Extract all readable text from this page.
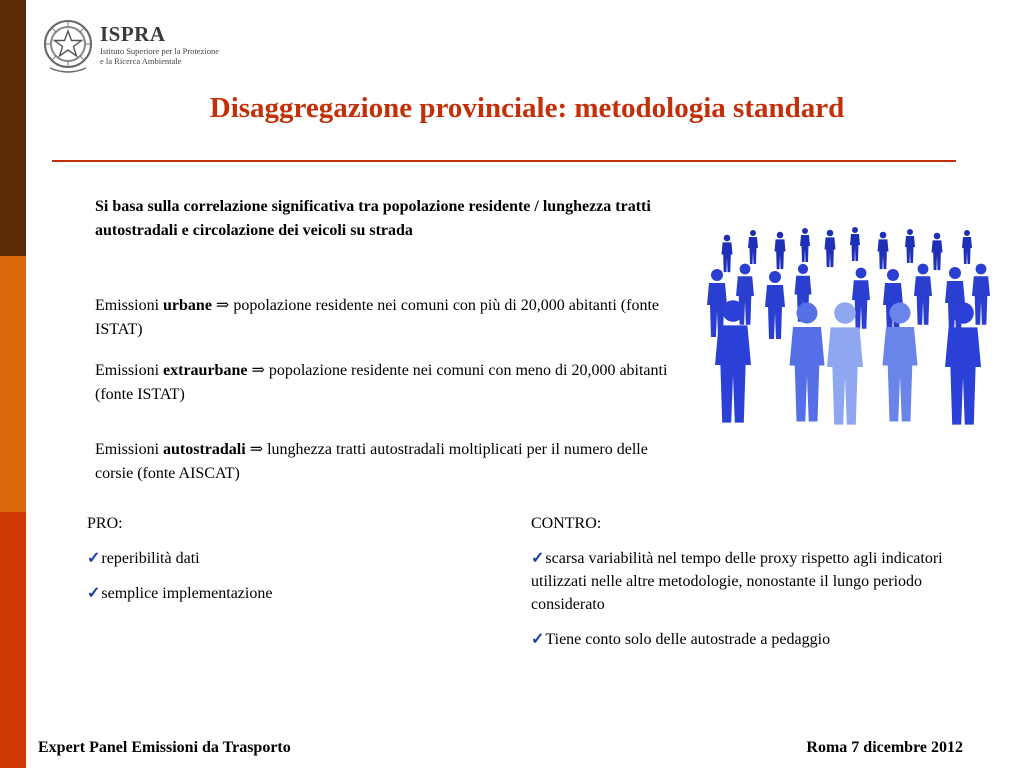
ISPRA
Istituto Superiore per la Protezione
e la Ricerca Ambientale
Disaggregazione provinciale: metodologia standard
Si basa sulla correlazione significativa tra popolazione residente / lunghezza tratti autostradali e circolazione dei veicoli su strada
Emissioni urbane ⇒ popolazione residente nei comuni con più di 20,000 abitanti (fonte ISTAT)
Emissioni extraurbane ⇒ popolazione residente nei comuni con meno di 20,000 abitanti (fonte ISTAT)
Emissioni autostradali ⇒ lunghezza tratti autostradali moltiplicati per il numero delle corsie (fonte AISCAT)
PRO:
✓reperibilità dati
✓semplice implementazione
CONTRO:
✓scarsa variabilità nel tempo delle proxy rispetto agli indicatori utilizzati nelle altre metodologie, nonostante il lungo periodo considerato
✓Tiene conto solo delle autostrade a pedaggio
Expert Panel Emissioni da Trasporto	Roma 7 dicembre 2012
